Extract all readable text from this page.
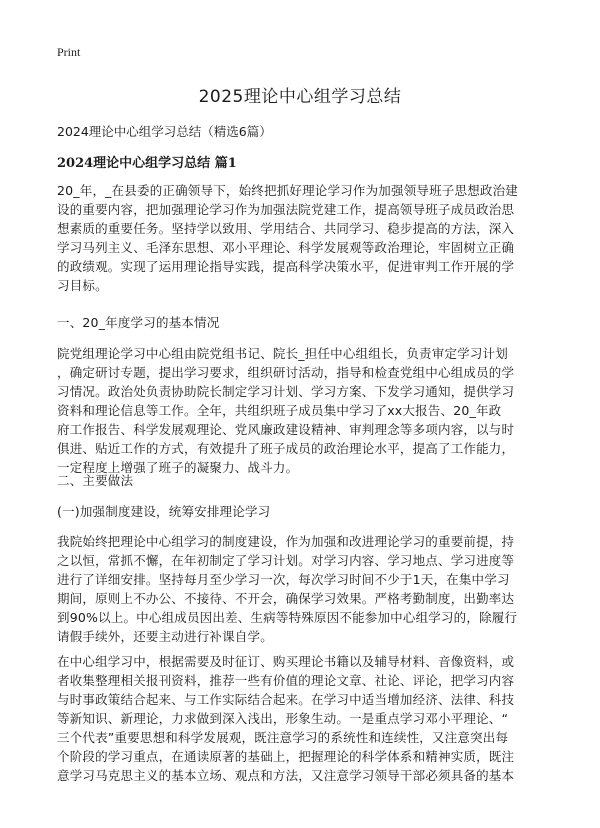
Print
2025理论中心组学习总结
2024理论中心组学习总结（精选6篇）
2024理论中心组学习总结 篇1

20_年，_在县委的正确领导下，始终把抓好理论学习作为加强领导班子思想政治建
设的重要内容，把加强理论学习作为加强法院党建工作，提高领导班子成员政治思
想素质的重要任务。坚持学以致用、学用结合、共同学习、稳步提高的方法，深入
学习马列主义、毛泽东思想、邓小平理论、科学发展观等政治理论，牢固树立正确
的政绩观。实现了运用理论指导实践，提高科学决策水平，促进审判工作开展的学
习目标。

一、20_年度学习的基本情况

院党组理论学习中心组由院党组书记、院长_担任中心组组长，负责审定学习计划
，确定研讨专题，提出学习要求，组织研讨活动，指导和检查党组中心组成员的学
习情况。政治处负责协助院长制定学习计划、学习方案、下发学习通知，提供学习
资料和理论信息等工作。全年，共组织班子成员集中学习了xx大报告、20_年政
府工作报告、科学发展观理论、党风廉政建设精神、审判理念等多项内容，以与时
俱进、贴近工作的方式，有效提升了班子成员的政治理论水平，提高了工作能力，
一定程度上增强了班子的凝聚力、战斗力。

二、主要做法

(一)加强制度建设，统筹安排理论学习

我院始终把理论中心组学习的制度建设，作为加强和改进理论学习的重要前提，持
之以恒，常抓不懈，在年初制定了学习计划。对学习内容、学习地点、学习进度等
进行了详细安排。坚持每月至少学习一次，每次学习时间不少于1天，在集中学习
期间，原则上不办公、不接待、不开会，确保学习效果。严格考勤制度，出勤率达
到90%以上。中心组成员因出差、生病等特殊原因不能参加中心组学习的，除履行
请假手续外，还要主动进行补课自学。

在中心组学习中，根据需要及时征订、购买理论书籍以及辅导材料、音像资料，或
者收集整理相关报刊资料，推荐一些有价值的理论文章、社论、评论，把学习内容
与时事政策结合起来、与工作实际结合起来。在学习中适当增加经济、法律、科技
等新知识、新理论，力求做到深入浅出，形象生动。一是重点学习邓小平理论、“
三个代表”重要思想和科学发展观，既注意学习的系统性和连续性，又注意突出每
个阶段的学习重点，在通读原著的基础上，把握理论的科学体系和精神实质，既注
意学习马克思主义的基本立场、观点和方法，又注意学习领导干部必须具备的基本
